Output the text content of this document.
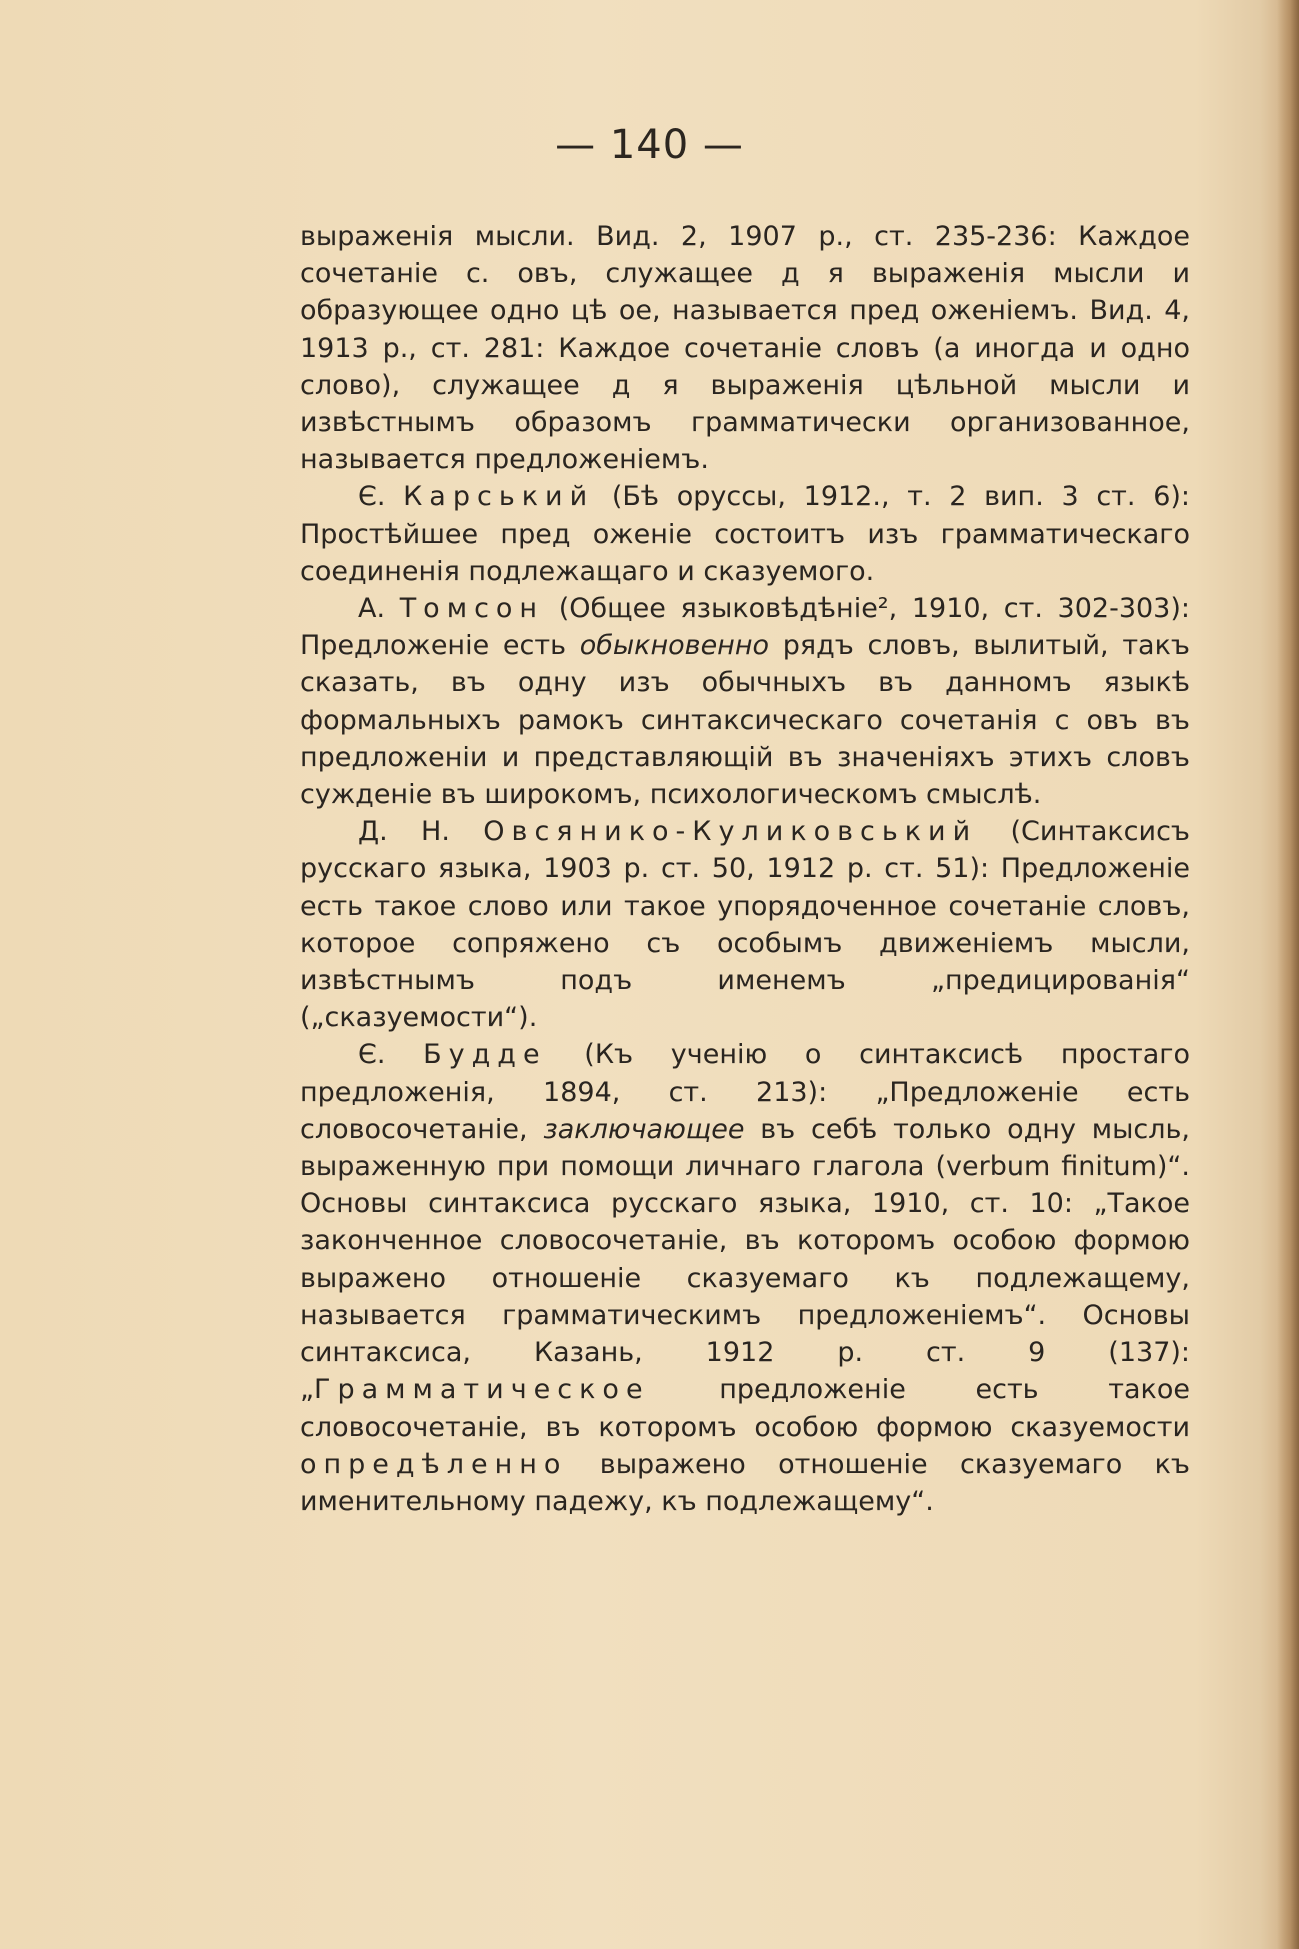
— 140 —

выраженія мысли. Вид. 2, 1907 р., ст. 235-236: Каждое сочетаніе с. овъ, служащее д я выраженія мысли и образующее одно цѣ ое, называется пред оженіемъ. Вид. 4, 1913 р., ст. 281: Каждое сочетаніе словъ (а иногда и одно слово), служащее д я выраженія цѣльной мысли и извѣстнымъ образомъ грамматически организованное, называется предложеніемъ.

Є. Карський (Бѣ оруссы, 1912., т. 2 вип. 3 ст. 6): Простѣйшее пред оженіе состоитъ изъ грамматическаго соединенія подлежащаго и сказуемого.

А. Томсон (Общее языковѣдѣніе², 1910, ст. 302-303): Предложеніе есть обыкновенно рядъ словъ, вылитый, такъ сказать, въ одну изъ обычныхъ въ данномъ языкѣ формальныхъ рамокъ синтаксическаго сочетанія с овъ въ предложеніи и представляющій въ значеніяхъ этихъ словъ сужденіе въ широкомъ, психологическомъ смыслѣ.

Д. Н. Овсянико-Куликовський (Синтаксисъ русскаго языка, 1903 р. ст. 50, 1912 р. ст. 51): Предложеніе есть такое слово или такое упорядоченное сочетаніе словъ, которое сопряжено съ особымъ движеніемъ мысли, извѣстнымъ подъ именемъ „предицированія“ („сказуемости“).

Є. Будде (Къ ученію о синтаксисѣ простаго предложенія, 1894, ст. 213): „Предложеніе есть словосочетаніе, заключающее въ себѣ только одну мысль, выраженную при помощи личнаго глагола (verbum finitum)“. Основы синтаксиса русскаго языка, 1910, ст. 10: „Такое законченное словосочетаніе, въ которомъ особою формою выражено отношеніе сказуемаго къ подлежащему, называется грамматическимъ предложеніемъ“. Основы синтаксиса, Казань, 1912 р. ст. 9 (137): „Грамматическое предложеніе есть такое словосочетаніе, въ которомъ особою формою сказуемости опредѣленно выражено отношеніе сказуемаго къ именительному падежу, къ подлежащему“.
